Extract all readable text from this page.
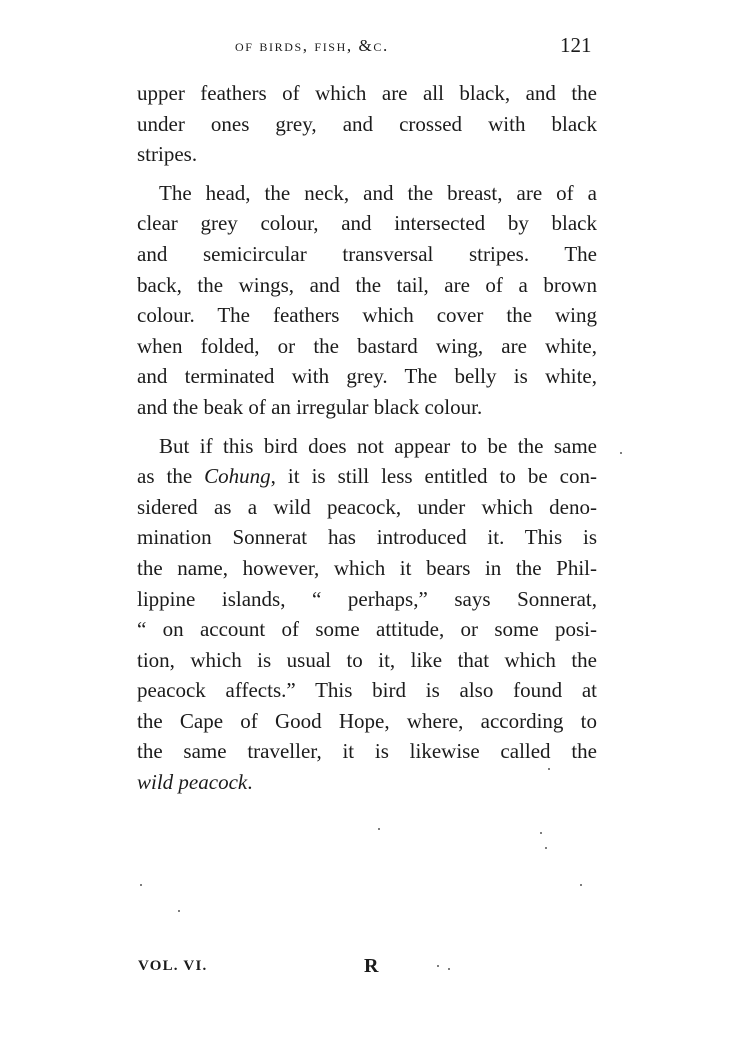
of birds, fish, &c.	121
upper feathers of which are all black, and the
under ones grey, and crossed with black
stripes.
The head, the neck, and the breast, are of a
clear grey colour, and intersected by black
and semicircular transversal stripes. The
back, the wings, and the tail, are of a brown
colour. The feathers which cover the wing
when folded, or the bastard wing, are white,
and terminated with grey. The belly is white,
and the beak of an irregular black colour.
But if this bird does not appear to be the same
as the Cohung, it is still less entitled to be con-
sidered as a wild peacock, under which deno-
mination Sonnerat has introduced it. This is
the name, however, which it bears in the Phil-
lippine islands, “ perhaps,” says Sonnerat,
“ on account of some attitude, or some posi-
tion, which is usual to it, like that which the
peacock affects.” This bird is also found at
the Cape of Good Hope, where, according to
the same traveller, it is likewise called the
wild peacock.
VOL. VI.	R
